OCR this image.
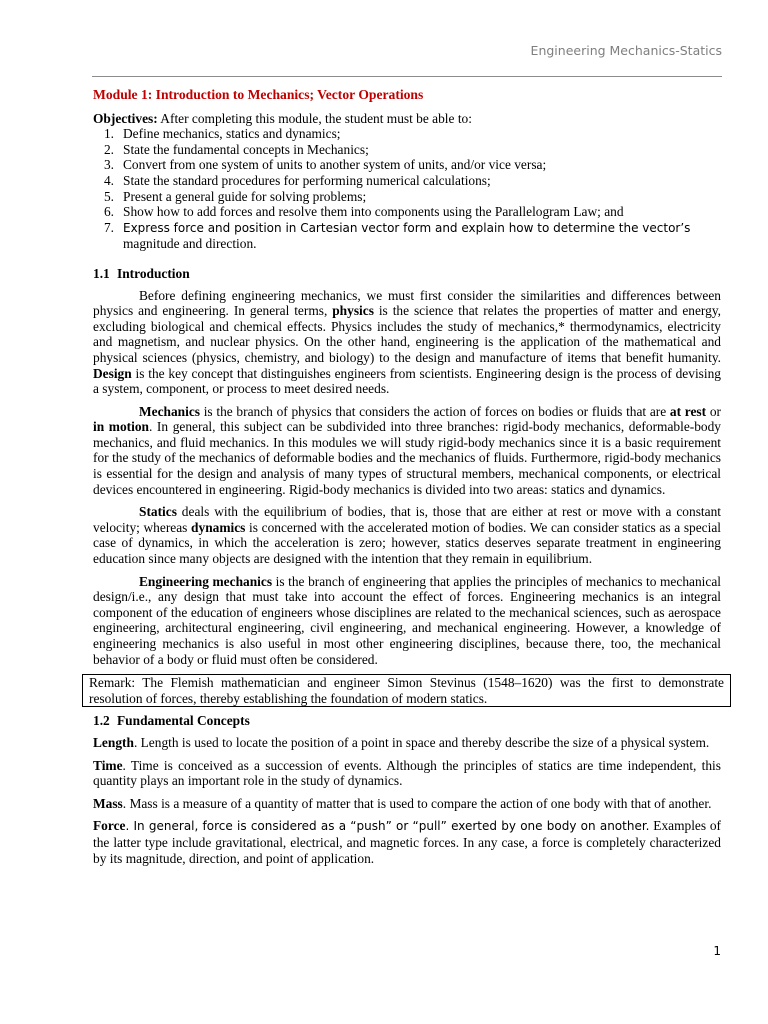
Engineering Mechanics-Statics
Module 1: Introduction to Mechanics; Vector Operations

Objectives: After completing this module, the student must be able to:

1. Define mechanics, statics and dynamics;
2. State the fundamental concepts in Mechanics;
3. Convert from one system of units to another system of units, and/or vice versa;
4. State the standard procedures for performing numerical calculations;
5. Present a general guide for solving problems;
6. Show how to add forces and resolve them into components using the Parallelogram Law; and
7. Express force and position in Cartesian vector form and explain how to determine the vector’s
magnitude and direction.
1.1 Introduction

Before defining engineering mechanics, we must first consider the similarities and differences between physics and engineering. In general terms, physics is the science that relates the properties of matter and energy, excluding biological and chemical effects. Physics includes the study of mechanics,* thermodynamics, electricity and magnetism, and nuclear physics. On the other hand, engineering is the application of the mathematical and physical sciences (physics, chemistry, and biology) to the design and manufacture of items that benefit humanity. Design is the key concept that distinguishes engineers from scientists. Engineering design is the process of devising a system, component, or process to meet desired needs.

Mechanics is the branch of physics that considers the action of forces on bodies or fluids that are at rest or in motion. In general, this subject can be subdivided into three branches: rigid-body mechanics, deformable-body mechanics, and fluid mechanics. In this modules we will study rigid-body mechanics since it is a basic requirement for the study of the mechanics of deformable bodies and the mechanics of fluids. Furthermore, rigid-body mechanics is essential for the design and analysis of many types of structural members, mechanical components, or electrical devices encountered in engineering. Rigid-body mechanics is divided into two areas: statics and dynamics.

Statics deals with the equilibrium of bodies, that is, those that are either at rest or move with a constant velocity; whereas dynamics is concerned with the accelerated motion of bodies. We can consider statics as a special case of dynamics, in which the acceleration is zero; however, statics deserves separate treatment in engineering education since many objects are designed with the intention that they remain in equilibrium.

Engineering mechanics is the branch of engineering that applies the principles of mechanics to mechanical design/i.e., any design that must take into account the effect of forces. Engineering mechanics is an integral component of the education of engineers whose disciplines are related to the mechanical sciences, such as aerospace engineering, architectural engineering, civil engineering, and mechanical engineering. However, a knowledge of engineering mechanics is also useful in most other engineering disciplines, because there, too, the mechanical behavior of a body or fluid must often be considered.

Remark: The Flemish mathematician and engineer Simon Stevinus (1548–1620) was the first to demonstrate resolution of forces, thereby establishing the foundation of modern statics.
1.2 Fundamental Concepts

Length. Length is used to locate the position of a point in space and thereby describe the size of a physical system.

Time. Time is conceived as a succession of events. Although the principles of statics are time independent, this quantity plays an important role in the study of dynamics.

Mass. Mass is a measure of a quantity of matter that is used to compare the action of one body with that of another.

Force. In general, force is considered as a “push” or “pull” exerted by one body on another. Examples of the latter type include gravitational, electrical, and magnetic forces. In any case, a force is completely characterized by its magnitude, direction, and point of application.

1
